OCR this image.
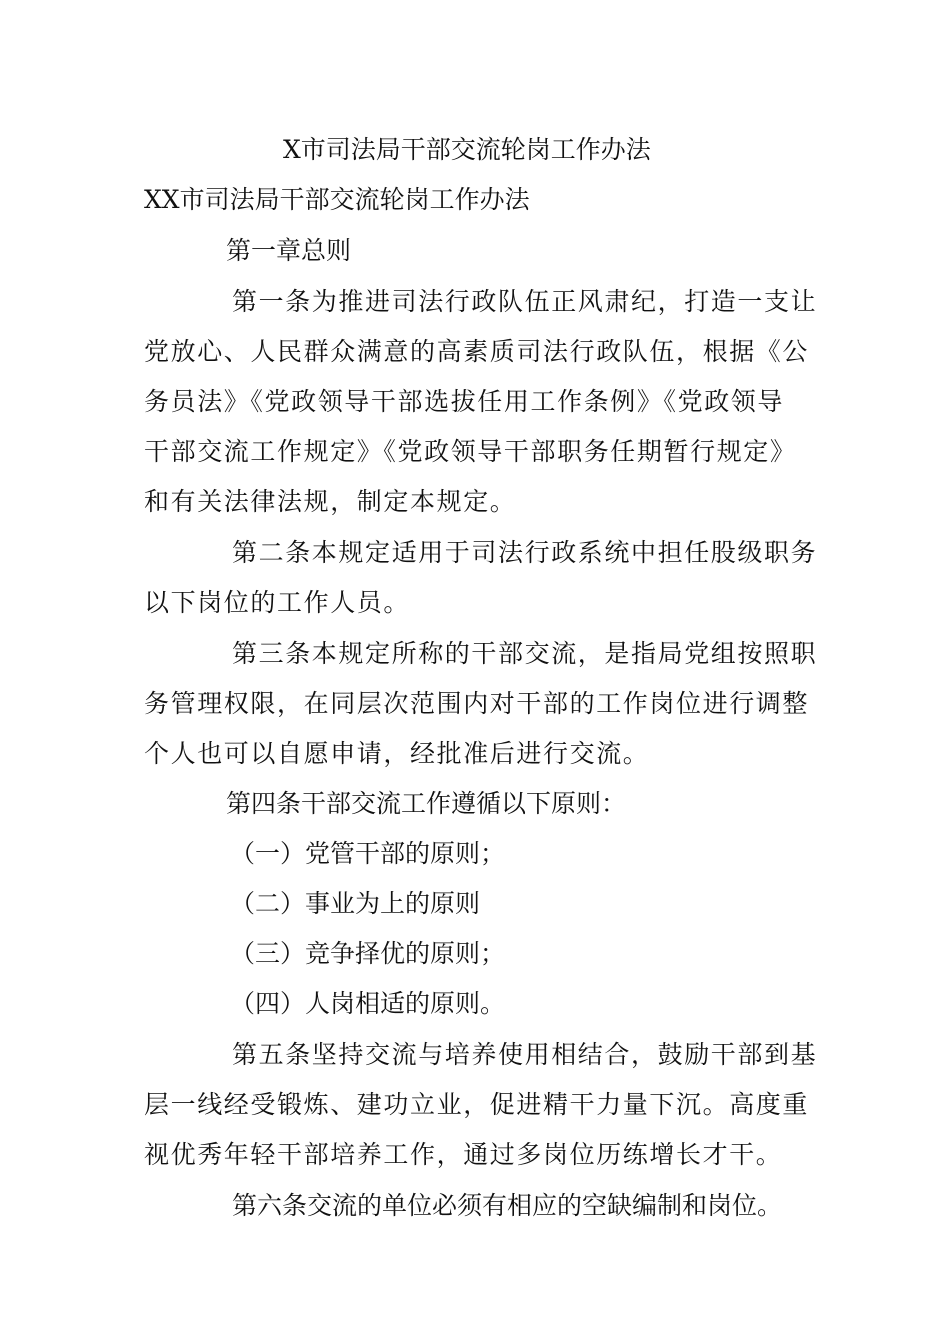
X市司法局干部交流轮岗工作办法
XX市司法局干部交流轮岗工作办法
第一章总则
第一条为推进司法行政队伍正风肃纪，打造一支让
党放心、人民群众满意的高素质司法行政队伍，根据《公
务员法》《党政领导干部选拔任用工作条例》《党政领导
干部交流工作规定》《党政领导干部职务任期暂行规定》
和有关法律法规，制定本规定。
第二条本规定适用于司法行政系统中担任股级职务
以下岗位的工作人员。
第三条本规定所称的干部交流，是指局党组按照职
务管理权限，在同层次范围内对干部的工作岗位进行调整
个人也可以自愿申请，经批准后进行交流。
第四条干部交流工作遵循以下原则：
（一）党管干部的原则；
（二）事业为上的原则
（三）竞争择优的原则；
（四）人岗相适的原则。
第五条坚持交流与培养使用相结合，鼓励干部到基
层一线经受锻炼、建功立业，促进精干力量下沉。高度重
视优秀年轻干部培养工作，通过多岗位历练增长才干。
第六条交流的单位必须有相应的空缺编制和岗位。
